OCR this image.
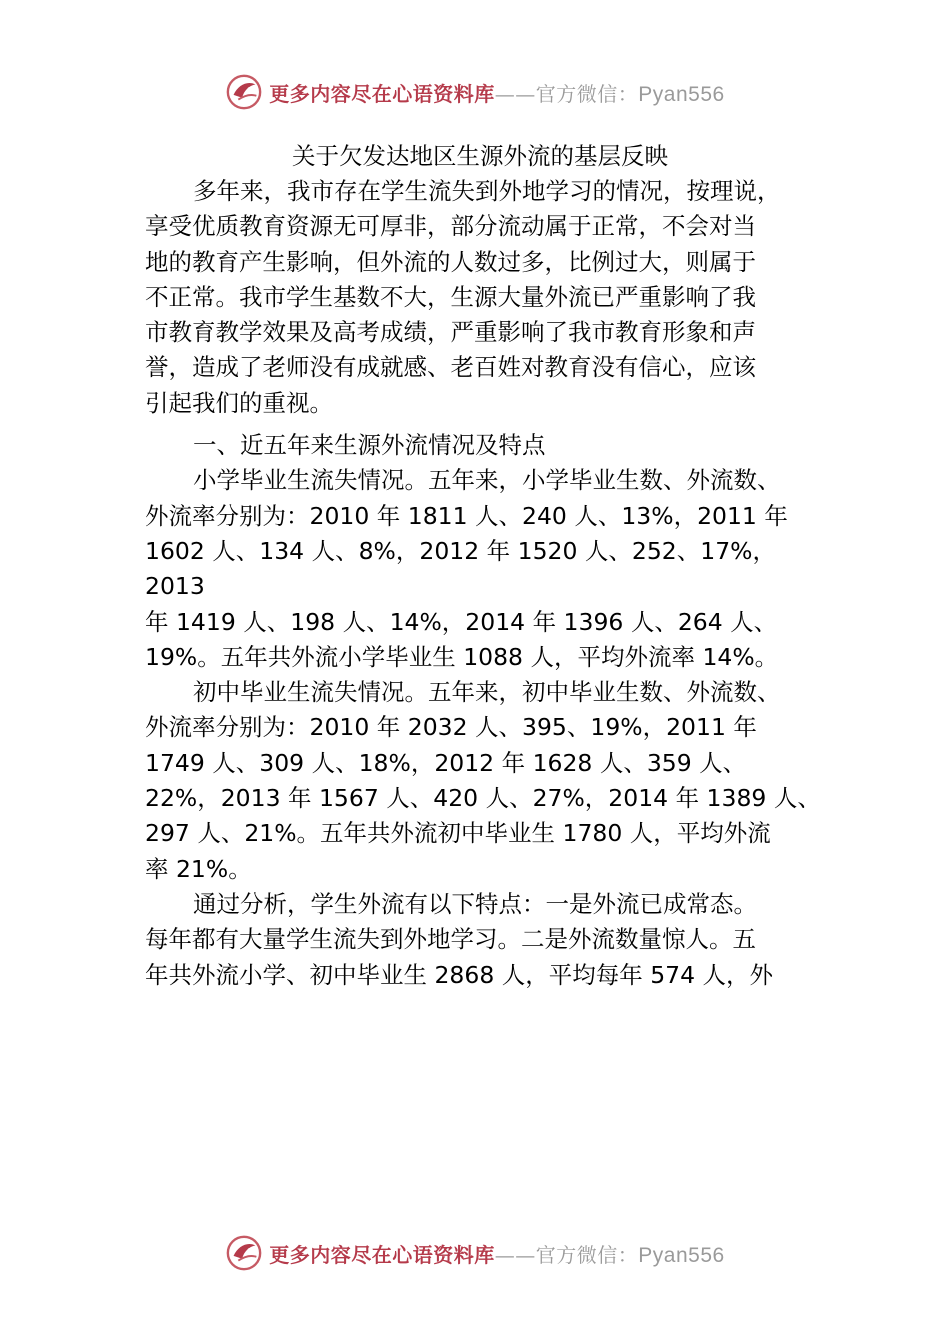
更多内容尽在心语资料库 —— 官方微信： Pyan556
关于欠发达地区生源外流的基层反映

多年来，我市存在学生流失到外地学习的情况，按理说，

享受优质教育资源无可厚非，部分流动属于正常，不会对当

地的教育产生影响，但外流的人数过多，比例过大，则属于

不正常。我市学生基数不大，生源大量外流已严重影响了我

市教育教学效果及高考成绩，严重影响了我市教育形象和声

誉，造成了老师没有成就感、老百姓对教育没有信心，应该

引起我们的重视。

一、近五年来生源外流情况及特点

小学毕业生流失情况。五年来，小学毕业生数、外流数、

外流率分别为：2010 年 1811 人、240 人、13%，2011 年

1602 人、134 人、8%，2012 年 1520 人、252、17%，

2013

年 1419 人、198 人、14%，2014 年 1396 人、264 人、

19%。五年共外流小学毕业生 1088 人，平均外流率 14%。

初中毕业生流失情况。五年来，初中毕业生数、外流数、

外流率分别为：2010 年 2032 人、395、19%，2011 年

1749 人、309 人、18%，2012 年 1628 人、359 人、

22%，2013 年 1567 人、420 人、27%，2014 年 1389 人、

297 人、21%。五年共外流初中毕业生 1780 人，平均外流

率 21%。

通过分析，学生外流有以下特点：一是外流已成常态。

每年都有大量学生流失到外地学习。二是外流数量惊人。五

年共外流小学、初中毕业生 2868 人，平均每年 574 人，外

更多内容尽在心语资料库 —— 官方微信： Pyan556
